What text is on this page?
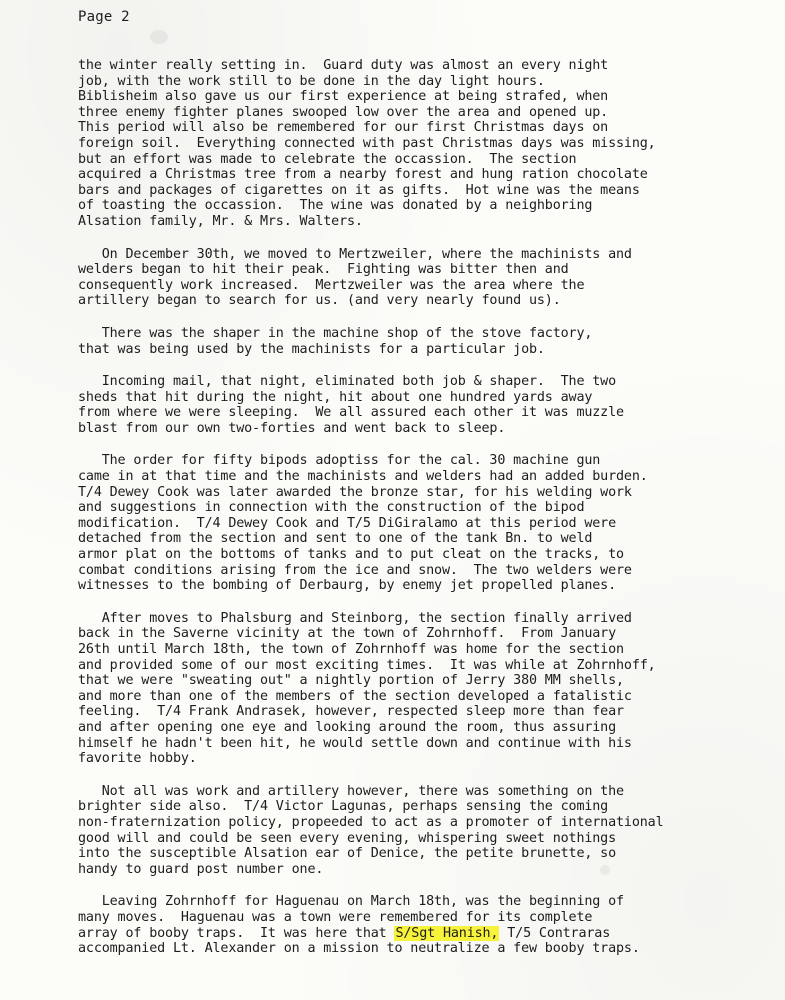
Page 2
the winter really setting in.  Guard duty was almost an every night
job, with the work still to be done in the day light hours.
Biblisheim also gave us our first experience at being strafed, when
three enemy fighter planes swooped low over the area and opened up.
This period will also be remembered for our first Christmas days on
foreign soil.  Everything connected with past Christmas days was missing,
but an effort was made to celebrate the occassion.  The section
acquired a Christmas tree from a nearby forest and hung ration chocolate
bars and packages of cigarettes on it as gifts.  Hot wine was the means
of toasting the occassion.  The wine was donated by a neighboring
Alsation family, Mr. & Mrs. Walters.
On December 30th, we moved to Mertzweiler, where the machinists and
welders began to hit their peak.  Fighting was bitter then and
consequently work increased.  Mertzweiler was the area where the
artillery began to search for us. (and very nearly found us).
There was the shaper in the machine shop of the stove factory,
that was being used by the machinists for a particular job.
Incoming mail, that night, eliminated both job & shaper.  The two
sheds that hit during the night, hit about one hundred yards away
from where we were sleeping.  We all assured each other it was muzzle
blast from our own two-forties and went back to sleep.
The order for fifty bipods adoptiss for the cal. 30 machine gun
came in at that time and the machinists and welders had an added burden.
T/4 Dewey Cook was later awarded the bronze star, for his welding work
and suggestions in connection with the construction of the bipod
modification.  T/4 Dewey Cook and T/5 DiGiralamo at this period were
detached from the section and sent to one of the tank Bn. to weld
armor plat on the bottoms of tanks and to put cleat on the tracks, to
combat conditions arising from the ice and snow.  The two welders were
witnesses to the bombing of Derbaurg, by enemy jet propelled planes.
After moves to Phalsburg and Steinborg, the section finally arrived
back in the Saverne vicinity at the town of Zohrnhoff.  From January
26th until March 18th, the town of Zohrnhoff was home for the section
and provided some of our most exciting times.  It was while at Zohrnhoff,
that we were "sweating out" a nightly portion of Jerry 380 MM shells,
and more than one of the members of the section developed a fatalistic
feeling.  T/4 Frank Andrasek, however, respected sleep more than fear
and after opening one eye and looking around the room, thus assuring
himself he hadn't been hit, he would settle down and continue with his
favorite hobby.
Not all was work and artillery however, there was something on the
brighter side also.  T/4 Victor Lagunas, perhaps sensing the coming
non-fraternization policy, propeeded to act as a promoter of international
good will and could be seen every evening, whispering sweet nothings
into the susceptible Alsation ear of Denice, the petite brunette, so
handy to guard post number one.
Leaving Zohrnhoff for Haguenau on March 18th, was the beginning of
many moves.  Haguenau was a town were remembered for its complete
array of booby traps.  It was here that S/Sgt Hanish, T/5 Contraras
accompanied Lt. Alexander on a mission to neutralize a few booby traps.
